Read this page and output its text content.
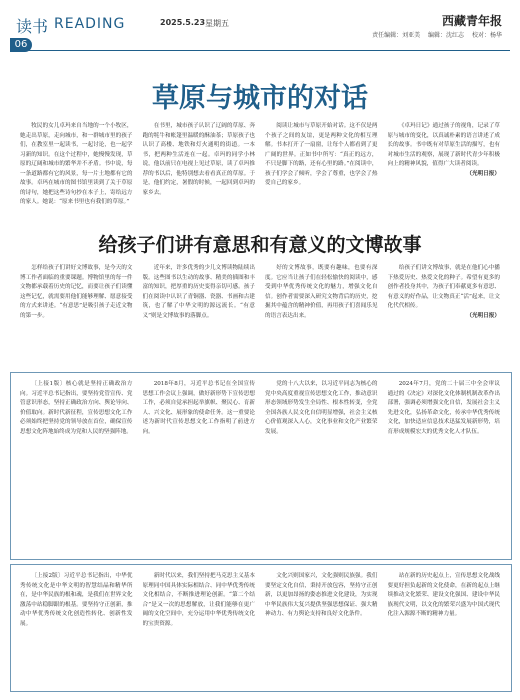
读书 READING
06
2025.5.23 星期五	西藏青年报
责任编辑：刘亚美 编辑：沈红志 校对：杨华
草原与城市的对话

牧民的女儿卓玛来自当地的一个小牧区，她走出草原，走向城市，和一群城市里的孩子们，在教室里一起读书，一起讨论，也一起学习新的知识。在这个过程中，她慢慢发现，草原的辽阔和城市的繁华并不矛盾。书中说，每一条道路都有它的风景，每一片土地都有它的故事。卓玛在城市的图书馆里读到了关于草原的诗句，她把这些诗句抄在本子上，寄给远方的家人。她说：“原来书里也有我们的草原。”

在书里，城市孩子认识了辽阔的草原、奔跑的牦牛和帐篷里温暖的酥油茶；草原孩子也认识了高楼、地铁和灯火通明的街道。一本书，把两种生活连在一起。卓玛的同学小林说，他以前只在电视上见过草原，读了卓玛推荐的书以后，他特别想去看看真正的草原。于是，他们约定，暑假的时候，一起回到卓玛的家乡去。

阅读让城市与草原开始对话。这不仅是两个孩子之间的友谊，更是两种文化的相互理解。书本打开了一扇窗，让每个人都看到了更广阔的世界。正如书中所写：“真正的远方，不只是脚下的路，还有心里的路。”在阅读中，孩子们学会了倾听，学会了尊重，也学会了热爱自己的家乡。

《卓玛日记》通过孩子的视角，记录了草原与城市的变化，以真诚朴素的语言讲述了成长的故事。书中既有对草原生活的描写，也有对城市生活的观察，展现了新时代青少年积极向上的精神风貌，值得广大读者阅读。

（光明日报）
给孩子们讲有意思和有意义的文博故事

怎样给孩子们讲好文博故事，是今天的文博工作者面临的重要课题。博物馆里的每一件文物都承载着历史的记忆，而要让孩子们读懂这些记忆，就需要用他们能够理解、愿意接受的方式来讲述。“有意思”是吸引孩子走近文物的第一步。

近年来，许多优秀的少儿文博读物陆续出版。这些图书以生动的故事、精美的插图和丰富的知识，把厚重的历史变得亲切可感。孩子们在阅读中认识了青铜器、瓷器、书画和古建筑，也了解了中华文明的源远流长。“有意义”则是文博故事的落脚点。

好的文博故事，既要有趣味，也要有深度。它应当让孩子们在轻松愉快的阅读中，感受到中华优秀传统文化的魅力，增强文化自信。创作者需要深入研究文物背后的历史，挖掘其中蕴含的精神价值，再用孩子们喜闻乐见的语言表达出来。

给孩子们讲文博故事，就是在他们心中播下热爱历史、热爱文化的种子。希望有更多的创作者投身其中，为孩子们奉献更多有意思、有意义的好作品，让文物真正“活”起来，让文化代代相传。

（光明日报）

〔上接1版〕核心就是坚持正确政治方向。习近平总书记指出，要坚持党管宣传、党管意识形态，坚持正确政治方向、舆论导向、价值取向。新时代新征程，宣传思想文化工作必须始终把坚持党的领导放在首位，确保宣传思想文化阵地始终成为党和人民的坚强阵地。

2018年8月，习近平总书记在全国宣传思想工作会议上强调，做好新形势下宣传思想工作，必须自觉承担起举旗帜、聚民心、育新人、兴文化、展形象的使命任务。这一重要论述为新时代宣传思想文化工作指明了前进方向。

党的十八大以来，以习近平同志为核心的党中央高度重视宣传思想文化工作，推动意识形态领域形势发生全局性、根本性转变，全党全国各族人民文化自信明显增强，社会主义核心价值观深入人心，文化事业和文化产业繁荣发展。

2024年7月，党的二十届三中全会审议通过的《决定》对深化文化体制机制改革作出部署，强调必须增强文化自信，发展社会主义先进文化，弘扬革命文化，传承中华优秀传统文化，加快适应信息技术迅猛发展新形势，培育形成规模宏大的优秀文化人才队伍。

〔上接2版〕习近平总书记指出，中华优秀传统文化是中华文明的智慧结晶和精华所在，是中华民族的根和魂，是我们在世界文化激荡中站稳脚跟的根基。要坚持守正创新，推动中华优秀传统文化创造性转化、创新性发展。

新时代以来，我们坚持把马克思主义基本原理同中国具体实际相结合、同中华优秀传统文化相结合，不断推进理论创新。“第二个结合”是又一次的思想解放，让我们能够在更广阔的文化空间中，充分运用中华优秀传统文化的宝贵资源。

文化兴则国家兴，文化强则民族强。我们要坚定文化自信，秉持开放包容，坚持守正创新，以更加昂扬的姿态推进文化建设，为实现中华民族伟大复兴提供坚强思想保证、强大精神动力、有力舆论支持和良好文化条件。

站在新的历史起点上，宣传思想文化战线要更好担负起新的文化使命，在新的起点上继续推动文化繁荣、建设文化强国、建设中华民族现代文明，以文化的繁荣兴盛为中国式现代化注入源源不断的精神力量。
